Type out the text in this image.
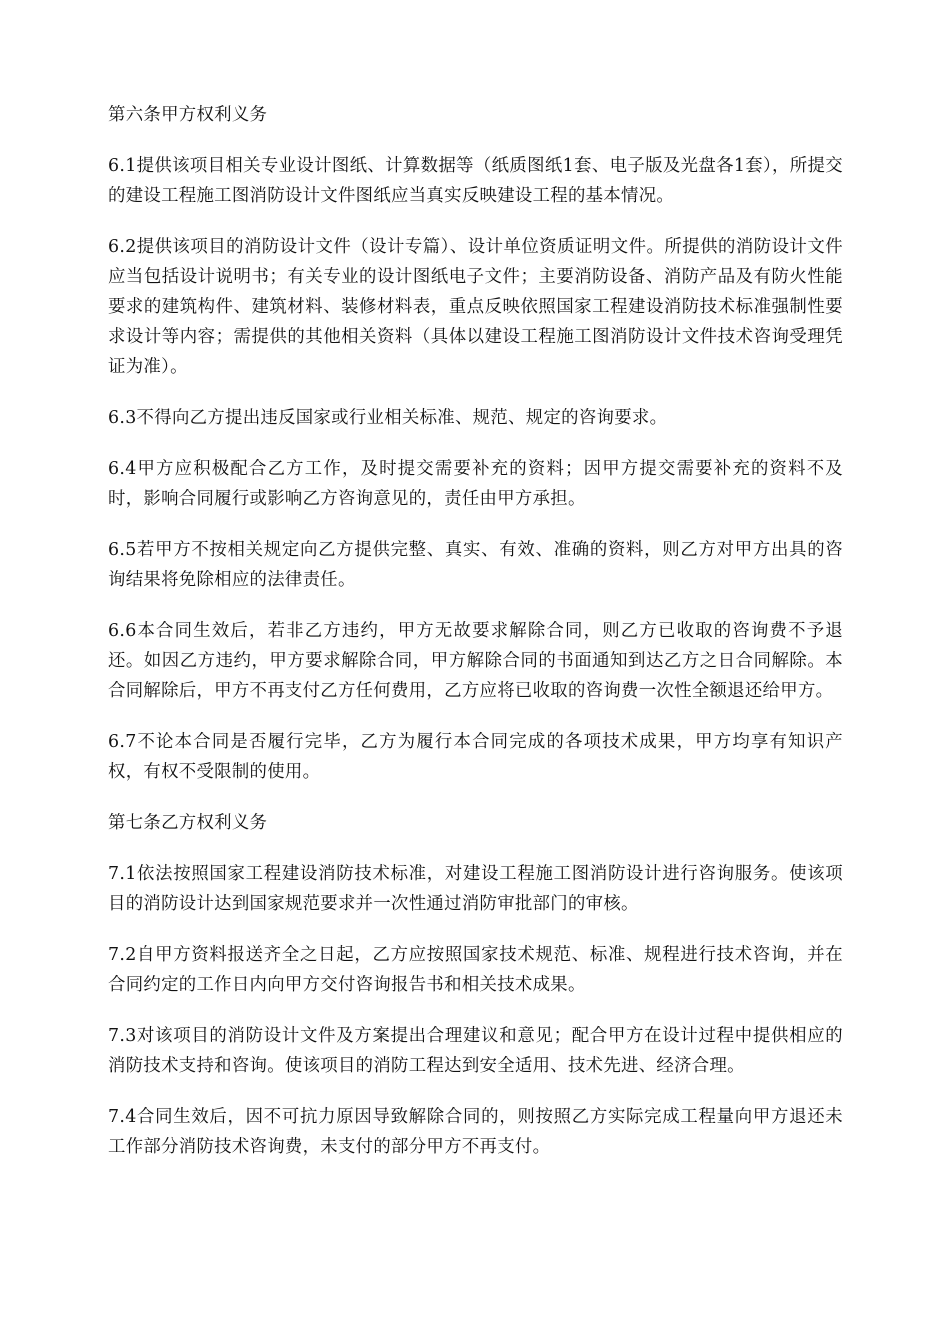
第六条甲方权利义务

6.1提供该项目相关专业设计图纸、计算数据等（纸质图纸1套、电子版及光盘各1套），所提交的建设工程施工图消防设计文件图纸应当真实反映建设工程的基本情况。

6.2提供该项目的消防设计文件（设计专篇）、设计单位资质证明文件。所提供的消防设计文件应当包括设计说明书；有关专业的设计图纸电子文件；主要消防设备、消防产品及有防火性能要求的建筑构件、建筑材料、装修材料表，重点反映依照国家工程建设消防技术标准强制性要求设计等内容；需提供的其他相关资料（具体以建设工程施工图消防设计文件技术咨询受理凭证为准）。

6.3不得向乙方提出违反国家或行业相关标准、规范、规定的咨询要求。

6.4甲方应积极配合乙方工作，及时提交需要补充的资料；因甲方提交需要补充的资料不及时，影响合同履行或影响乙方咨询意见的，责任由甲方承担。

6.5若甲方不按相关规定向乙方提供完整、真实、有效、准确的资料，则乙方对甲方出具的咨询结果将免除相应的法律责任。

6.6本合同生效后，若非乙方违约，甲方无故要求解除合同，则乙方已收取的咨询费不予退还。如因乙方违约，甲方要求解除合同，甲方解除合同的书面通知到达乙方之日合同解除。本合同解除后，甲方不再支付乙方任何费用，乙方应将已收取的咨询费一次性全额退还给甲方。

6.7不论本合同是否履行完毕，乙方为履行本合同完成的各项技术成果，甲方均享有知识产权，有权不受限制的使用。

第七条乙方权利义务

7.1依法按照国家工程建设消防技术标准，对建设工程施工图消防设计进行咨询服务。使该项目的消防设计达到国家规范要求并一次性通过消防审批部门的审核。

7.2自甲方资料报送齐全之日起，乙方应按照国家技术规范、标准、规程进行技术咨询，并在合同约定的工作日内向甲方交付咨询报告书和相关技术成果。

7.3对该项目的消防设计文件及方案提出合理建议和意见；配合甲方在设计过程中提供相应的消防技术支持和咨询。使该项目的消防工程达到安全适用、技术先进、经济合理。

7.4合同生效后，因不可抗力原因导致解除合同的，则按照乙方实际完成工程量向甲方退还未工作部分消防技术咨询费，未支付的部分甲方不再支付。
